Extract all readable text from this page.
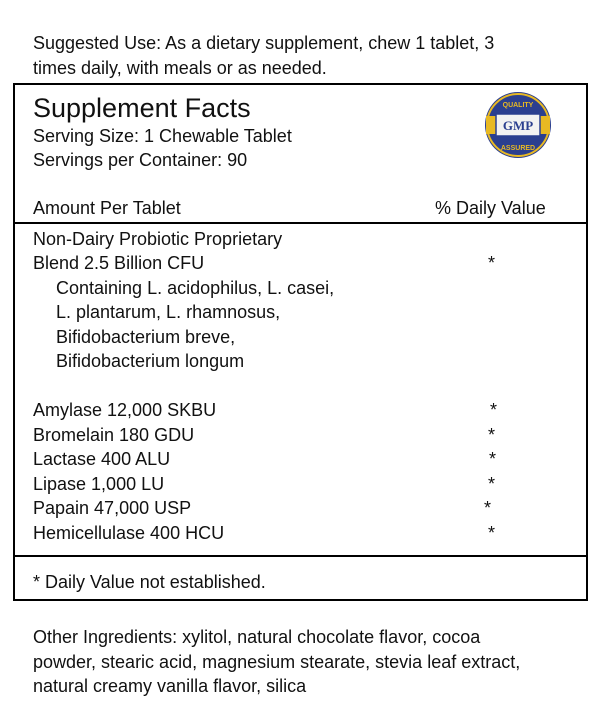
Suggested Use: As a dietary supplement, chew 1 tablet, 3
times daily, with meals or as needed.
Supplement Facts
GMP
QUALITY
ASSURED
Serving Size: 1 Chewable Tablet
Servings per Container: 90
Amount Per Tablet	% Daily Value
Non-Dairy Probiotic Proprietary
Blend 2.5 Billion CFU	*
Containing L. acidophilus, L. casei,
L. plantarum, L. rhamnosus,
Bifidobacterium breve,
Bifidobacterium longum
Amylase 12,000 SKBU	*
Bromelain 180 GDU	*
Lactase 400 ALU	*
Lipase 1,000 LU	*
Papain 47,000 USP	*
Hemicellulase 400 HCU	*
* Daily Value not established.
Other Ingredients: xylitol, natural chocolate flavor, cocoa
powder, stearic acid, magnesium stearate, stevia leaf extract,
natural creamy vanilla flavor, silica
